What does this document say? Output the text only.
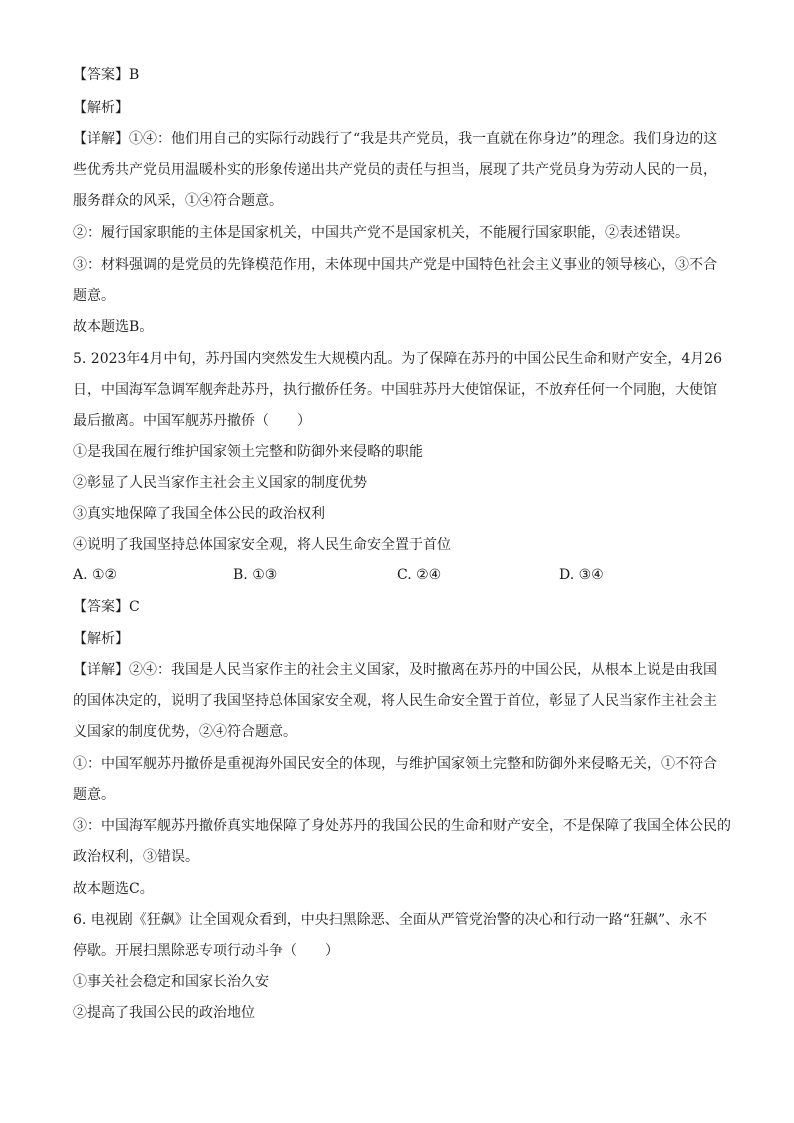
【答案】B
【解析】
【详解】①④：他们用自己的实际行动践行了“我是共产党员，我一直就在你身边”的理念。我们身边的这
些优秀共产党员用温暖朴实的形象传递出共产党员的责任与担当，展现了共产党员身为劳动人民的一员，
服务群众的风采，①④符合题意。
②：履行国家职能的主体是国家机关，中国共产党不是国家机关，不能履行国家职能，②表述错误。
③：材料强调的是党员的先锋模范作用，未体现中国共产党是中国特色社会主义事业的领导核心，③不合
题意。
故本题选B。
5. 2023年4月中旬，苏丹国内突然发生大规模内乱。为了保障在苏丹的中国公民生命和财产安全，4月26
日，中国海军急调军舰奔赴苏丹，执行撤侨任务。中国驻苏丹大使馆保证，不放弃任何一个同胞，大使馆
最后撤离。中国军舰苏丹撤侨（　　）
①是我国在履行维护国家领土完整和防御外来侵略的职能
②彰显了人民当家作主社会主义国家的制度优势
③真实地保障了我国全体公民的政治权利
④说明了我国坚持总体国家安全观，将人民生命安全置于首位
A. ①②	B. ①③	C. ②④	D. ③④
【答案】C
【解析】
【详解】②④：我国是人民当家作主的社会主义国家，及时撤离在苏丹的中国公民，从根本上说是由我国
的国体决定的，说明了我国坚持总体国家安全观，将人民生命安全置于首位，彰显了人民当家作主社会主
义国家的制度优势，②④符合题意。
①：中国军舰苏丹撤侨是重视海外国民安全的体现，与维护国家领土完整和防御外来侵略无关，①不符合
题意。
③：中国海军舰苏丹撤侨真实地保障了身处苏丹的我国公民的生命和财产安全，不是保障了我国全体公民的
政治权利，③错误。
故本题选C。
6. 电视剧《狂飙》让全国观众看到，中央扫黑除恶、全面从严管党治警的决心和行动一路“狂飙”、永不
停歇。开展扫黑除恶专项行动斗争（　　）
①事关社会稳定和国家长治久安
②提高了我国公民的政治地位
